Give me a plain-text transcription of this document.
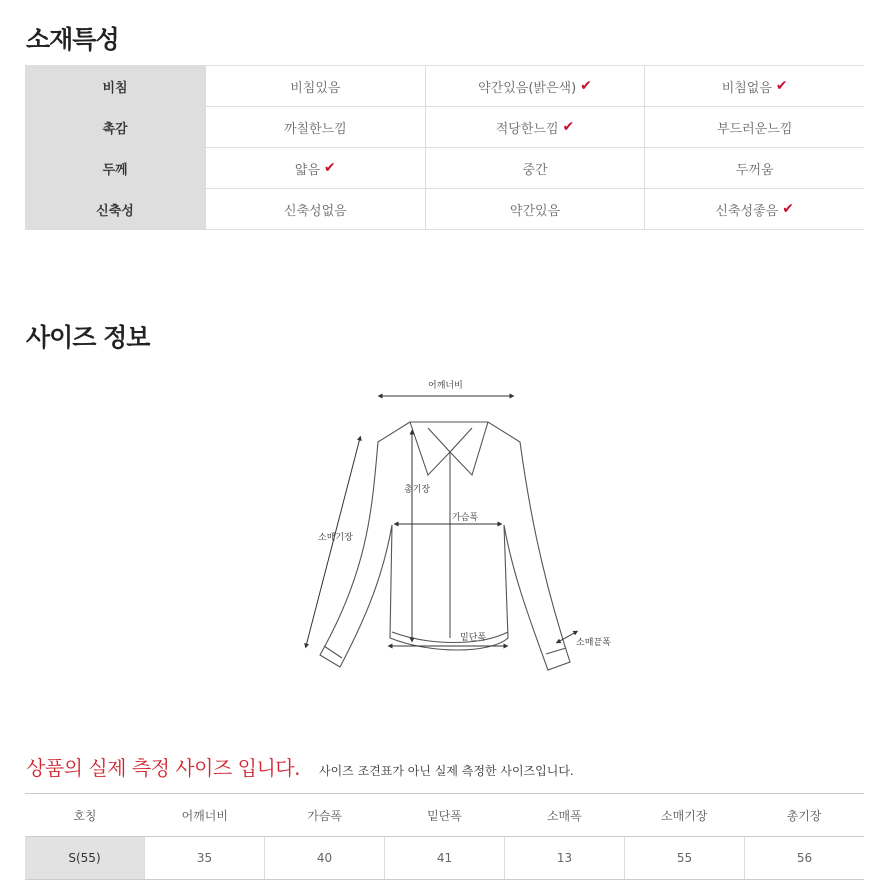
소재특성
비침	비침있음	약간있음(밝은색) ✔	비침없음 ✔
촉감	까칠한느낌	적당한느낌 ✔	부드러운느낌
두께	얇음 ✔	중간	두꺼움
신축성	신축성없음	약간있음	신축성좋음 ✔
사이즈 정보
어깨너비
총기장
가슴폭
소매기장
밑단폭	소매끝폭
상품의 실제 측정 사이즈 입니다. 사이즈 조견표가 아닌 실제 측정한 사이즈입니다.
호칭	어깨너비	가슴폭	밑단폭	소매폭	소매기장	총기장
S(55)	35	40	41	13	55	56
